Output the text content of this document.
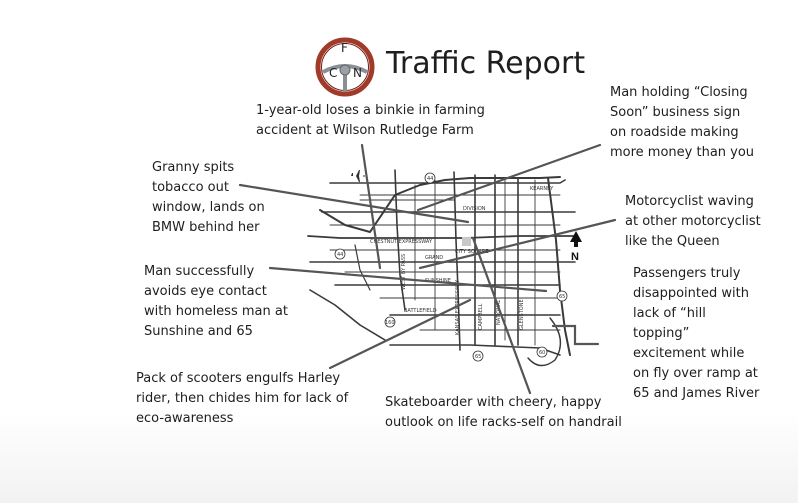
N
KEARNEY
DIVISION
CHESTNUT EXPRESSWAY
CITY SQUARE
GRAND
SUNSHINE
BATTLEFIELD
WEST BY PASS
KANSAS EXPRESSWAY	CAMPBELL NATIONAL	GLENSTONE
44
44
65
60
160
65
F
C N Traffic Report
1-year-old loses a binkie in farming
accident at Wilson Rutledge Farm
Man holding “Closing
Soon” business sign
on roadside making
more money than you
Granny spits
tobacco out
window, lands on
BMW behind her
Motorcyclist waving
at other motorcyclist
like the Queen
Man successfully
avoids eye contact
with homeless man at
Sunshine and 65
Passengers truly
disappointed with
lack of “hill
topping”
excitement while
on fly over ramp at
65 and James River
Pack of scooters engulfs Harley
rider, then chides him for lack of
eco-awareness
Skateboarder with cheery, happy
outlook on life racks-self on handrail
